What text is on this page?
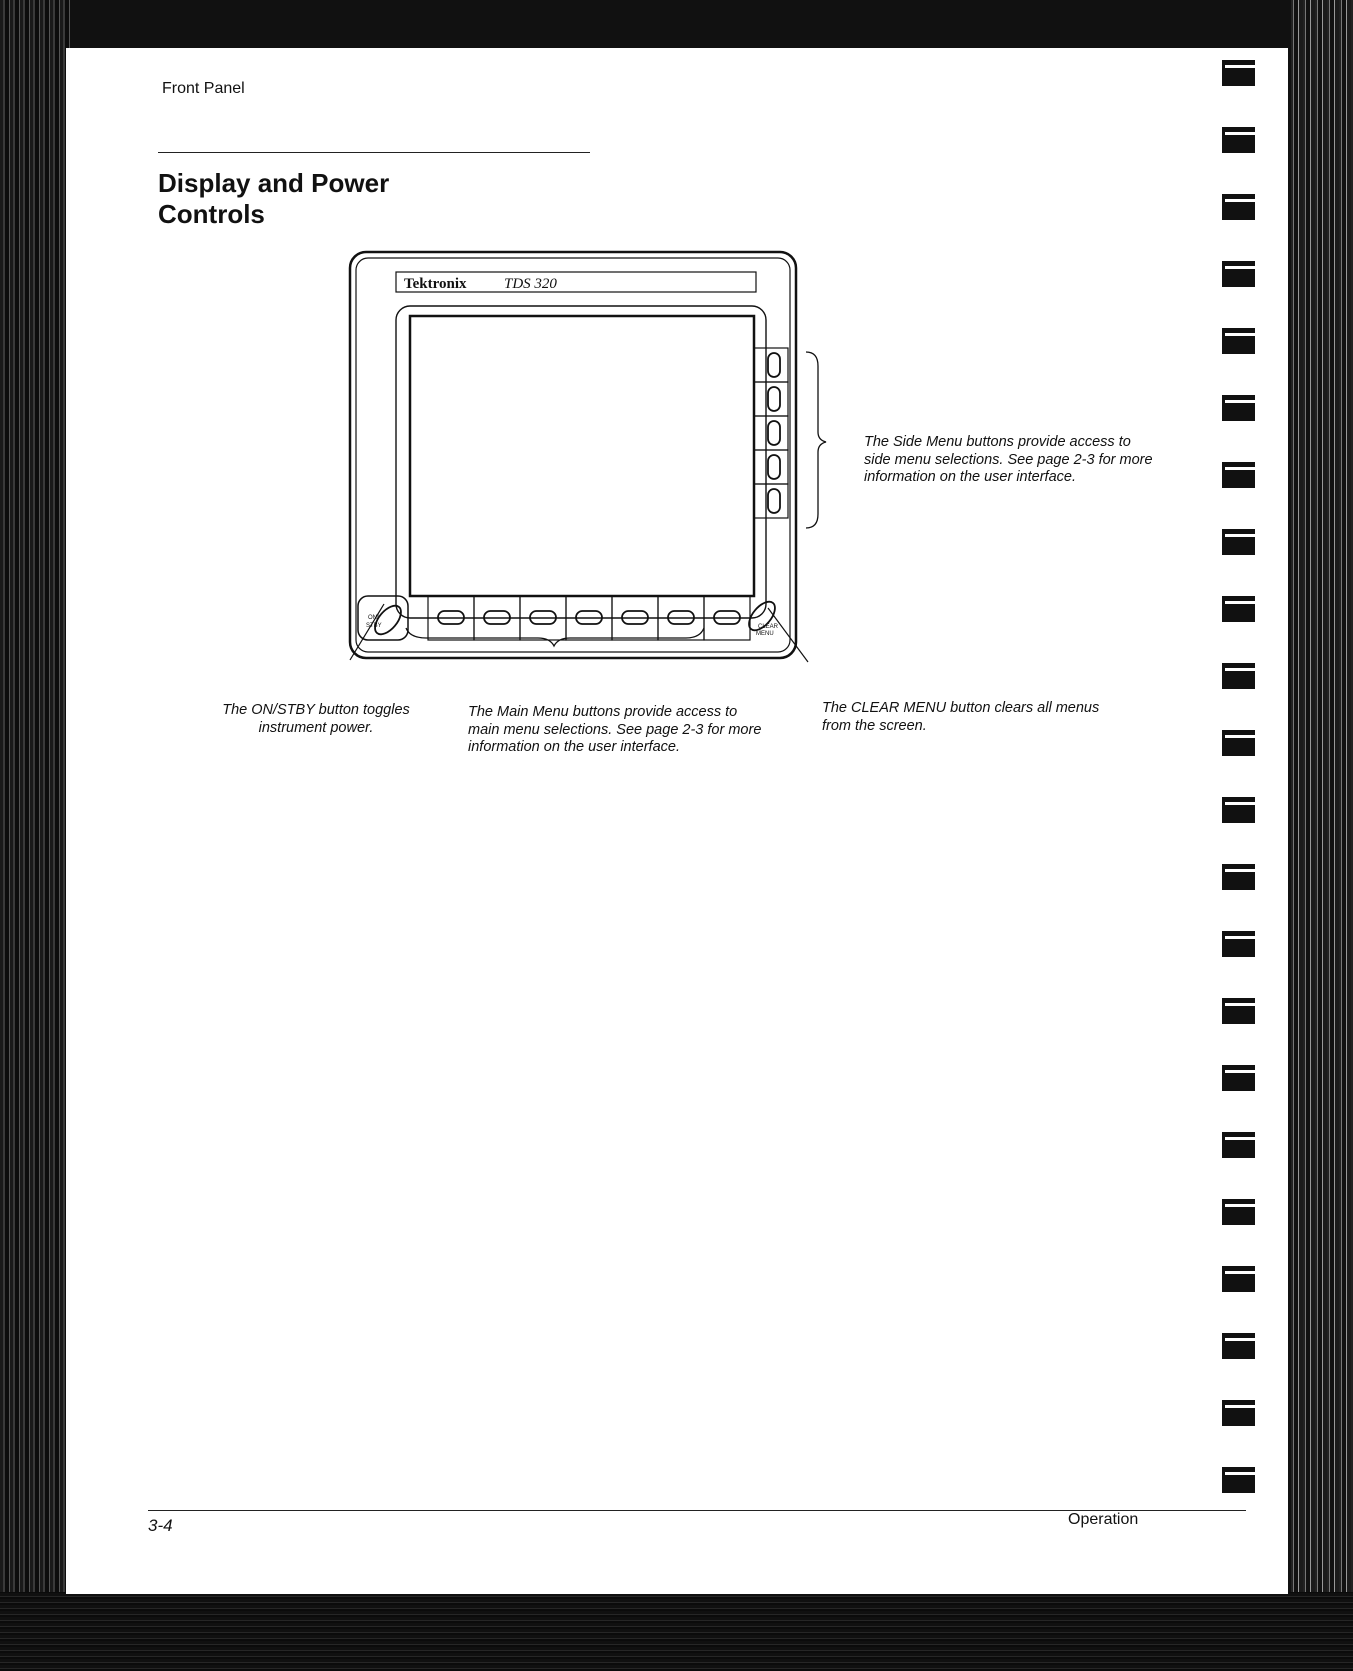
Front Panel
Display and Power Controls
Tektronix TDS 320
ON/
STBY	CLEAR
MENU
The Side Menu buttons provide access to side menu selections. See page 2-3 for more information on the user interface.
The ON/STBY button toggles instrument power.
The Main Menu buttons provide access to main menu selections. See page 2-3 for more information on the user interface.
The CLEAR MENU button clears all menus from the screen.
3-4	Operation
